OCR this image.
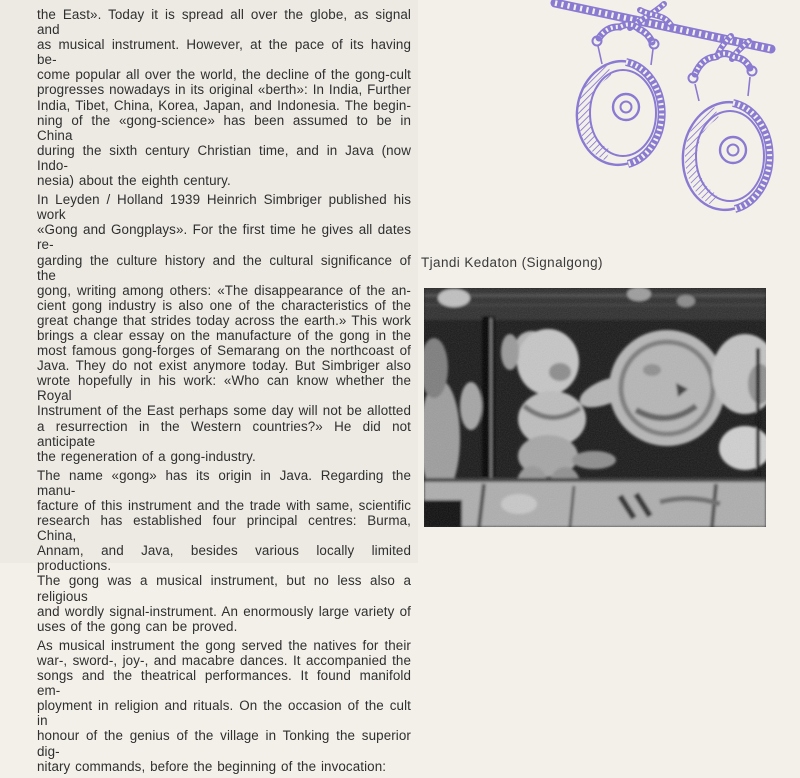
the East». Today it is spread all over the globe, as signal and
as musical instrument. However, at the pace of its having be-
come popular all over the world, the decline of the gong-cult
progresses nowadays in its original «berth»: In India, Further
India, Tibet, China, Korea, Japan, and Indonesia. The begin-
ning of the «gong-science» has been assumed to be in China
during the sixth century Christian time, and in Java (now Indo-
nesia) about the eighth century.
In Leyden / Holland 1939 Heinrich Simbriger published his work
«Gong and Gongplays». For the first time he gives all dates re-
garding the culture history and the cultural significance of the
gong, writing among others: «The disappearance of the an-
cient gong industry is also one of the characteristics of the
great change that strides today across the earth.» This work
brings a clear essay on the manufacture of the gong in the
most famous gong-forges of Semarang on the northcoast of
Java. They do not exist anymore today. But Simbriger also
wrote hopefully in his work: «Who can know whether the Royal
Instrument of the East perhaps some day will not be allotted
a resurrection in the Western countries?» He did not anticipate
the regeneration of a gong-industry.
The name «gong» has its origin in Java. Regarding the manu-
facture of this instrument and the trade with same, scientific
research has established four principal centres: Burma, China,
Annam, and Java, besides various locally limited productions.
The gong was a musical instrument, but no less also a religious
and wordly signal-instrument. An enormously large variety of
uses of the gong can be proved.
As musical instrument the gong served the natives for their
war-, sword-, joy-, and macabre dances. It accompanied the
songs and the theatrical performances. It found manifold em-
ployment in religion and rituals. On the occasion of the cult in
honour of the genius of the village in Tonking the superior dig-
nitary commands, before the beginning of the invocation:
Tjandi Kedaton (Signalgong)
